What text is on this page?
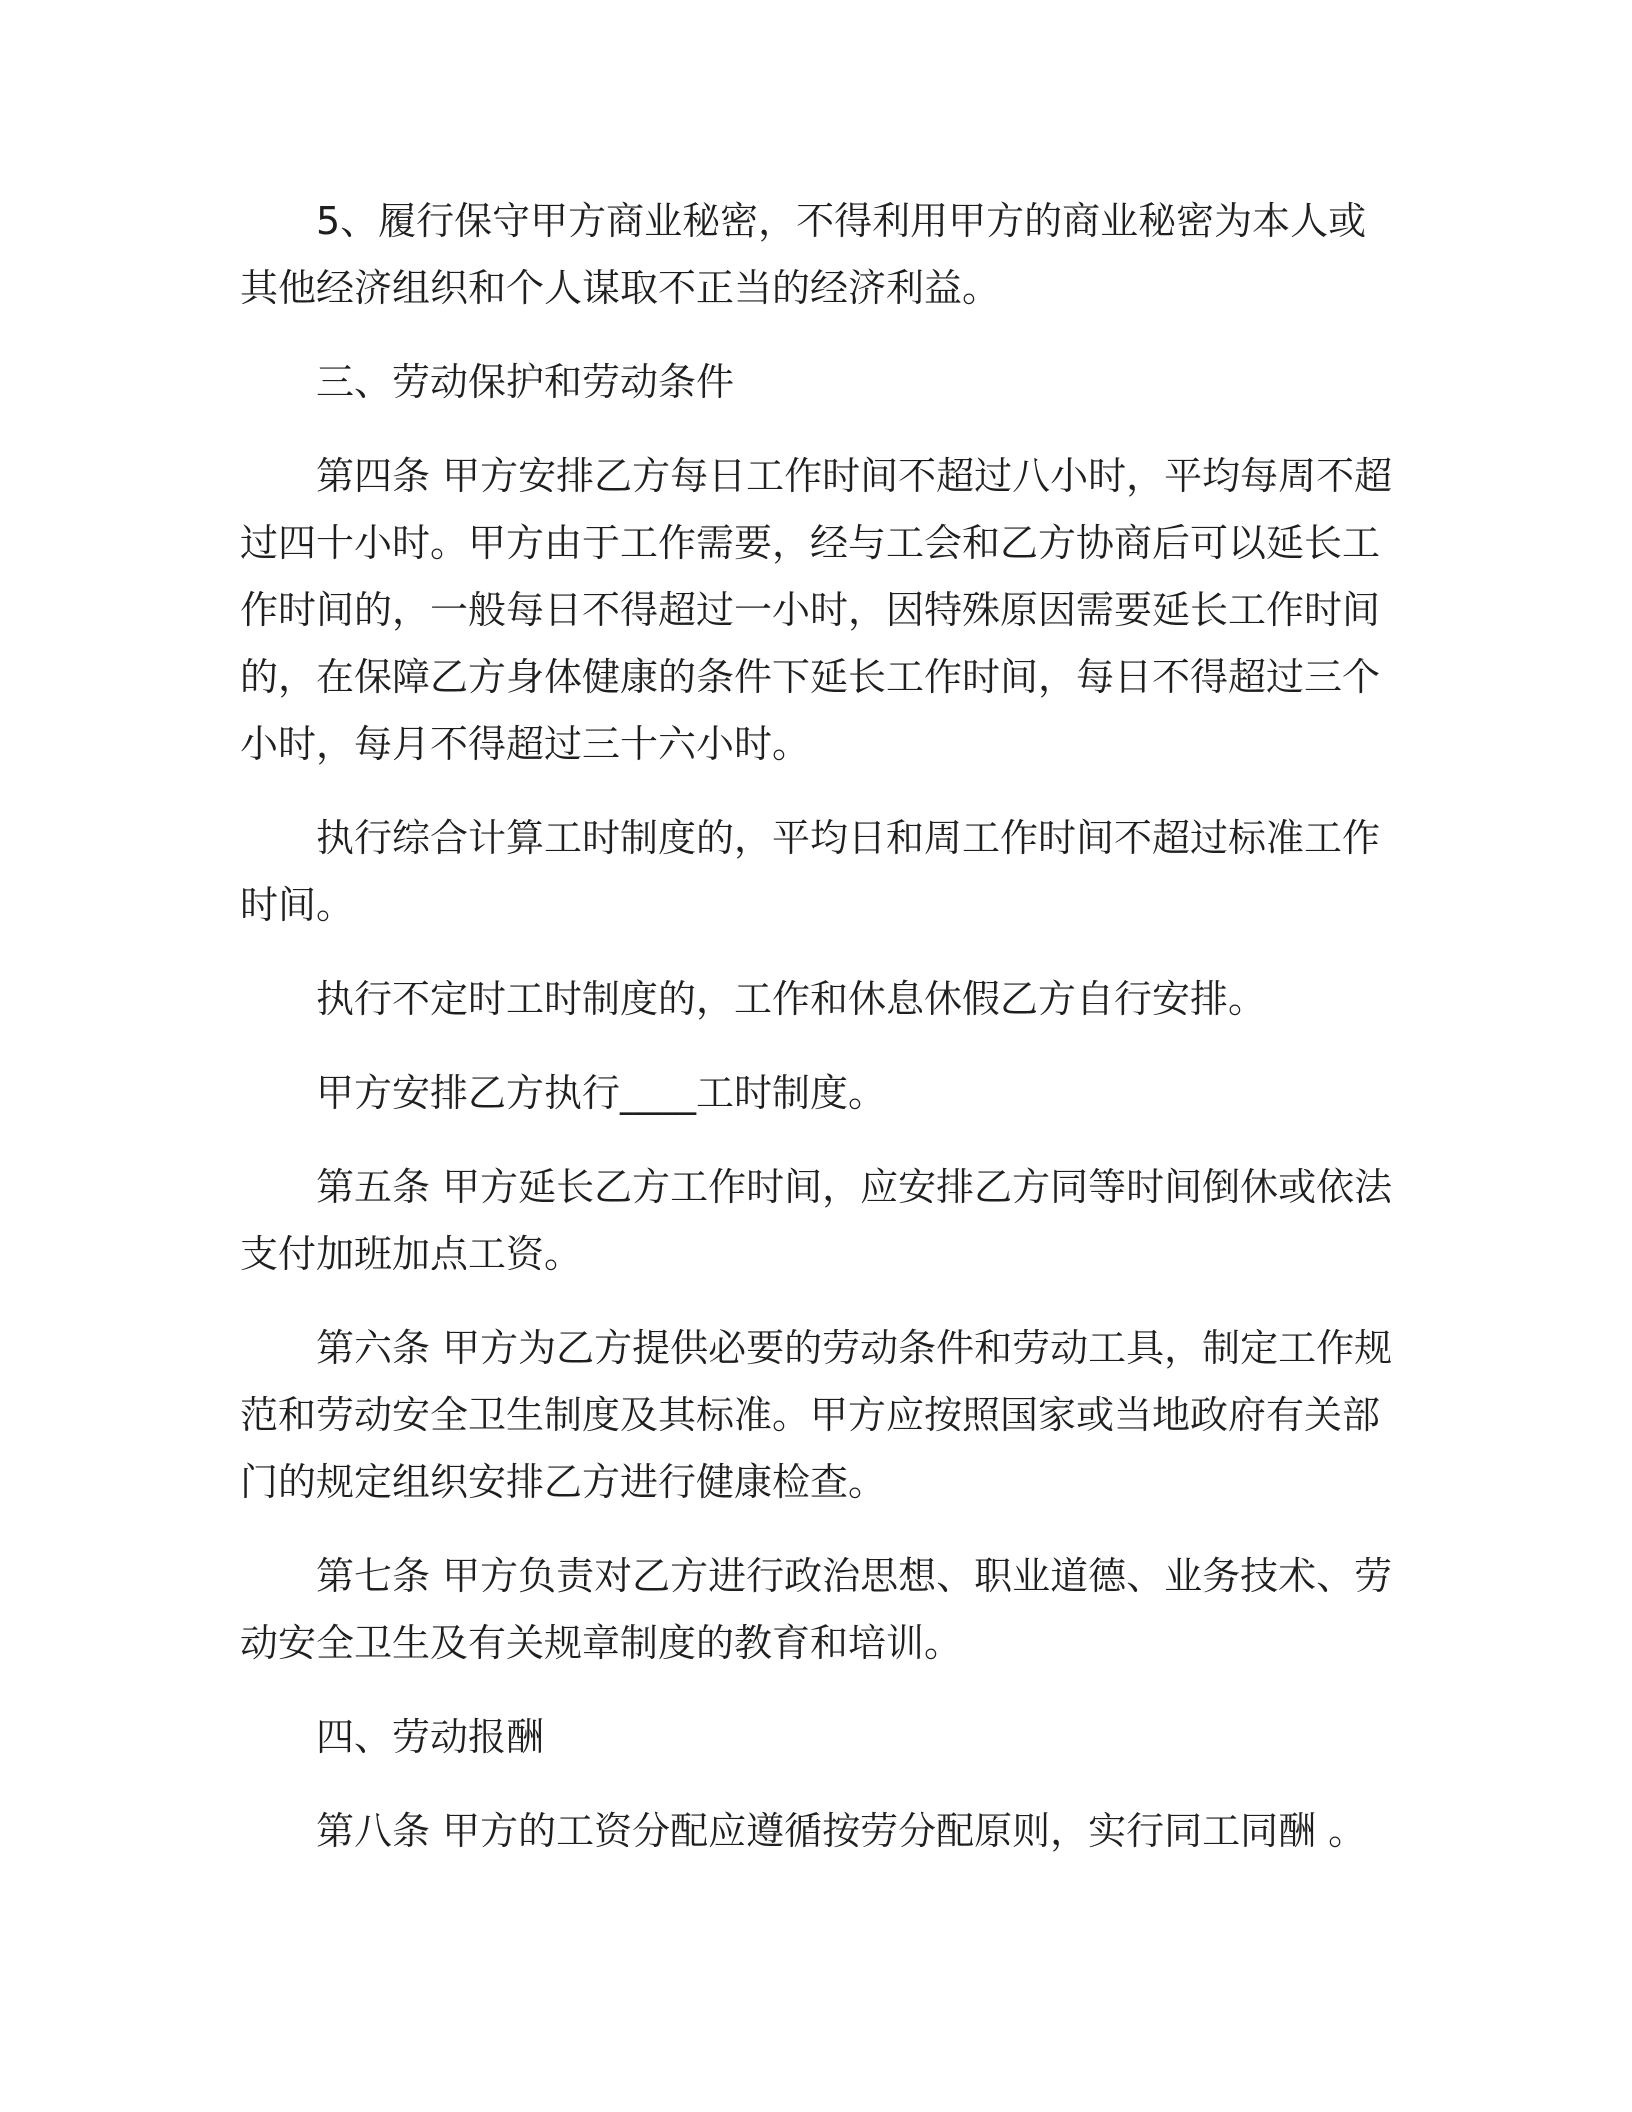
5、履行保守甲方商业秘密，不得利用甲方的商业秘密为本人或其他经济组织和个人谋取不正当的经济利益。

三、劳动保护和劳动条件

第四条 甲方安排乙方每日工作时间不超过八小时，平均每周不超过四十小时。甲方由于工作需要，经与工会和乙方协商后可以延长工作时间的，一般每日不得超过一小时，因特殊原因需要延长工作时间的，在保障乙方身体健康的条件下延长工作时间，每日不得超过三个小时，每月不得超过三十六小时。

执行综合计算工时制度的，平均日和周工作时间不超过标准工作时间。

执行不定时工时制度的，工作和休息休假乙方自行安排。

甲方安排乙方执行____工时制度。

第五条 甲方延长乙方工作时间，应安排乙方同等时间倒休或依法支付加班加点工资。

第六条 甲方为乙方提供必要的劳动条件和劳动工具，制定工作规范和劳动安全卫生制度及其标准。甲方应按照国家或当地政府有关部门的规定组织安排乙方进行健康检查。

第七条 甲方负责对乙方进行政治思想、职业道德、业务技术、劳动安全卫生及有关规章制度的教育和培训。

四、劳动报酬

第八条 甲方的工资分配应遵循按劳分配原则，实行同工同酬 。
